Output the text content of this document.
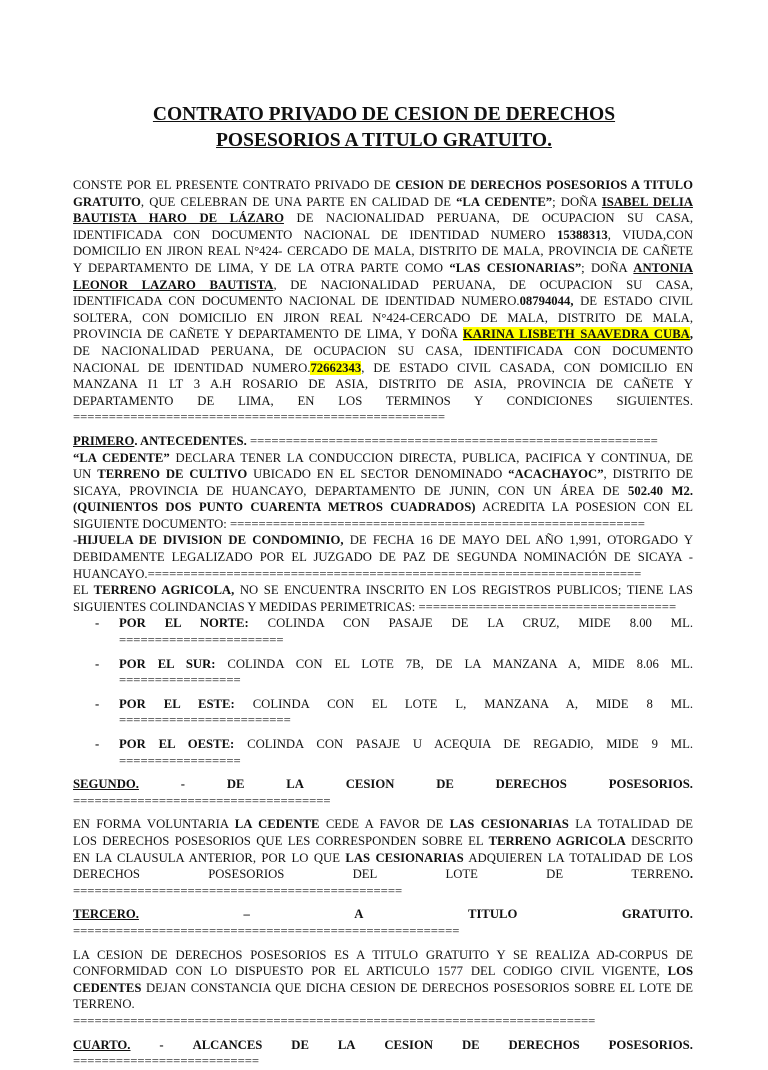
CONTRATO PRIVADO DE CESION DE DERECHOS
POSESORIOS A TITULO GRATUITO.
CONSTE POR EL PRESENTE CONTRATO PRIVADO DE CESION DE DERECHOS POSESORIOS A TITULO
GRATUITO, QUE CELEBRAN DE UNA PARTE EN CALIDAD DE “LA CEDENTE”; DOÑA ISABEL DELIA
BAUTISTA HARO DE LÁZARO DE NACIONALIDAD PERUANA, DE OCUPACION SU CASA,
IDENTIFICADA CON DOCUMENTO NACIONAL DE IDENTIDAD NUMERO 15388313, VIUDA,CON
DOMICILIO EN JIRON REAL N°424- CERCADO DE MALA, DISTRITO DE MALA, PROVINCIA DE CAÑETE
Y DEPARTAMENTO DE LIMA, Y DE LA OTRA PARTE COMO “LAS CESIONARIAS”; DOÑA ANTONIA
LEONOR LAZARO BAUTISTA, DE NACIONALIDAD PERUANA, DE OCUPACION SU CASA,
IDENTIFICADA CON DOCUMENTO NACIONAL DE IDENTIDAD NUMERO.08794044, DE ESTADO CIVIL
SOLTERA, CON DOMICILIO EN JIRON REAL N°424-CERCADO DE MALA, DISTRITO DE MALA,
PROVINCIA DE CAÑETE Y DEPARTAMENTO DE LIMA, Y DOÑA KARINA LISBETH SAAVEDRA CUBA,
DE NACIONALIDAD PERUANA, DE OCUPACION SU CASA, IDENTIFICADA CON DOCUMENTO
NACIONAL DE IDENTIDAD NUMERO.72662343, DE ESTADO CIVIL CASADA, CON DOMICILIO EN
MANZANA I1 LT 3 A.H ROSARIO DE ASIA, DISTRITO DE ASIA, PROVINCIA DE CAÑETE Y
DEPARTAMENTO DE LIMA, EN LOS TERMINOS Y CONDICIONES SIGUIENTES.
====================================================
PRIMERO. ANTECEDENTES. =========================================================
“LA CEDENTE” DECLARA TENER LA CONDUCCION DIRECTA, PUBLICA, PACIFICA Y CONTINUA, DE
UN TERRENO DE CULTIVO UBICADO EN EL SECTOR DENOMINADO “ACACHAYOC”, DISTRITO DE
SICAYA, PROVINCIA DE HUANCAYO, DEPARTAMENTO DE JUNIN, CON UN ÁREA DE 502.40 M2.
(QUINIENTOS DOS PUNTO CUARENTA METROS CUADRADOS) ACREDITA LA POSESION CON EL
SIGUIENTE DOCUMENTO: ==========================================================
-HIJUELA DE DIVISION DE CONDOMINIO, DE FECHA 16 DE MAYO DEL AÑO 1,991, OTORGADO Y
DEBIDAMENTE LEGALIZADO POR EL JUZGADO DE PAZ DE SEGUNDA NOMINACIÓN DE SICAYA -
HUANCAYO.=====================================================================
EL TERRENO AGRICOLA, NO SE ENCUENTRA INSCRITO EN LOS REGISTROS PUBLICOS; TIENE LAS
SIGUIENTES COLINDANCIAS Y MEDIDAS PERIMETRICAS: ====================================
- POR EL NORTE: COLINDA CON PASAJE DE LA CRUZ, MIDE 8.00 ML.
=======================
- POR EL SUR: COLINDA CON EL LOTE 7B, DE LA MANZANA A, MIDE 8.06 ML.
=================
- POR EL ESTE: COLINDA CON EL LOTE L, MANZANA A, MIDE 8 ML.
========================
- POR EL OESTE: COLINDA CON PASAJE U ACEQUIA DE REGADIO, MIDE 9 ML.
=================
SEGUNDO.	-	DE	LA	CESION	DE	DERECHOS	POSESORIOS.
====================================
EN FORMA VOLUNTARIA LA CEDENTE CEDE A FAVOR DE LAS CESIONARIAS LA TOTALIDAD DE
LOS DERECHOS POSESORIOS QUE LES CORRESPONDEN SOBRE EL TERRENO AGRICOLA DESCRITO
EN LA CLAUSULA ANTERIOR, POR LO QUE LAS CESIONARIAS ADQUIEREN LA TOTALIDAD DE LOS
DERECHOS	POSESORIOS	DEL	LOTE	DE	TERRENO.
==============================================
TERCERO.	–	A	TITULO	GRATUITO.
======================================================
LA CESION DE DERECHOS POSESORIOS ES A TITULO GRATUITO Y SE REALIZA AD-CORPUS DE
CONFORMIDAD CON LO DISPUESTO POR EL ARTICULO 1577 DEL CODIGO CIVIL VIGENTE, LOS
CEDENTES DEJAN CONSTANCIA QUE DICHA CESION DE DERECHOS POSESORIOS SOBRE EL LOTE DE
TERRENO.
=========================================================================
CUARTO. - ALCANCES DE LA CESION DE DERECHOS POSESORIOS.
==========================
